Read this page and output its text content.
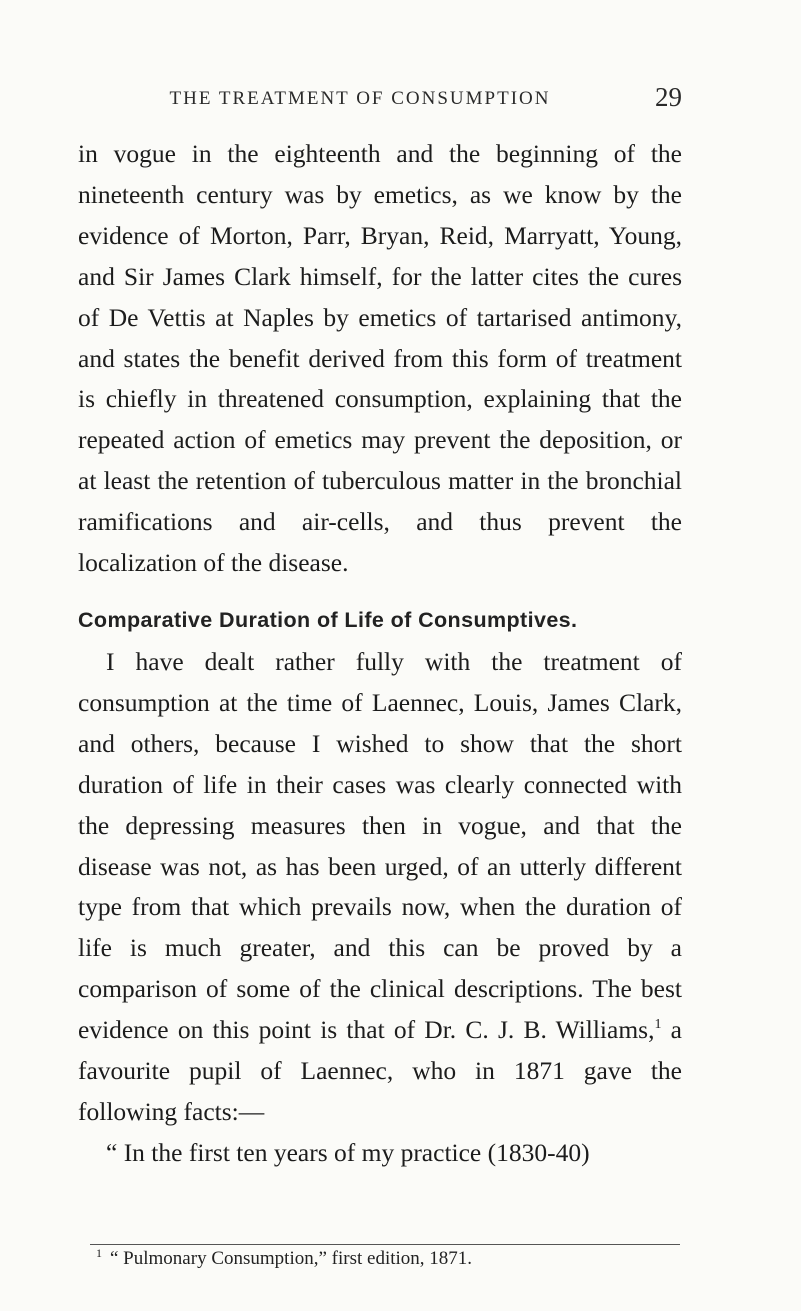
THE TREATMENT OF CONSUMPTION	29

in vogue in the eighteenth and the beginning of the nineteenth century was by emetics, as we know by the evidence of Morton, Parr, Bryan, Reid, Marryatt, Young, and Sir James Clark himself, for the latter cites the cures of De Vettis at Naples by emetics of tartarised antimony, and states the benefit derived from this form of treatment is chiefly in threatened consumption, explaining that the repeated action of emetics may prevent the deposition, or at least the retention of tuberculous matter in the bronchial ramifications and air-cells, and thus prevent the localization of the disease.

Comparative Duration of Life of Consumptives.

I have dealt rather fully with the treatment of consumption at the time of Laennec, Louis, James Clark, and others, because I wished to show that the short duration of life in their cases was clearly connected with the depressing measures then in vogue, and that the disease was not, as has been urged, of an utterly different type from that which prevails now, when the duration of life is much greater, and this can be proved by a comparison of some of the clinical descriptions. The best evidence on this point is that of Dr. C. J. B. Williams,$^1$ a favourite pupil of Laennec, who in 1871 gave the following facts:—

“ In the first ten years of my practice (1830-40)

$^1$ “ Pulmonary Consumption,” first edition, 1871.
